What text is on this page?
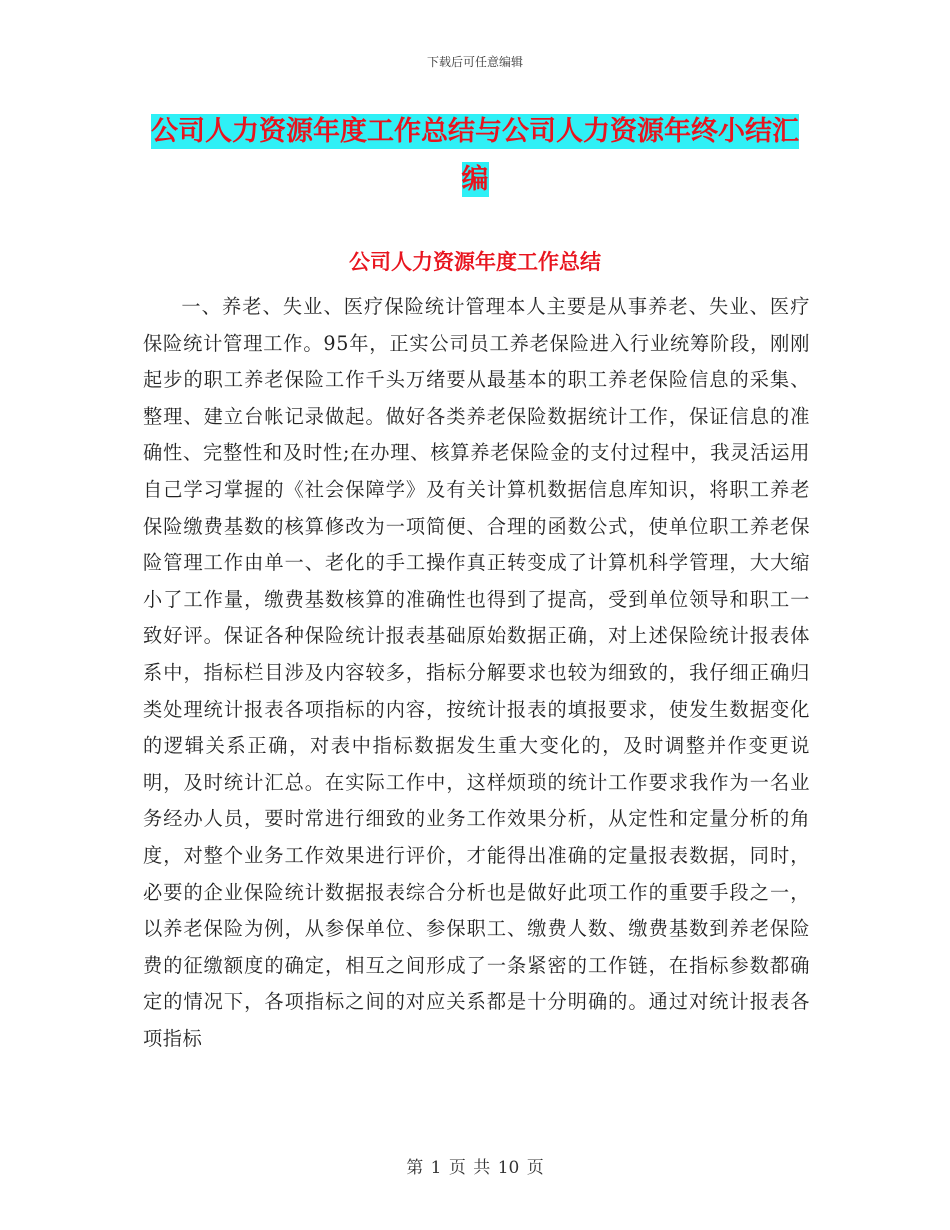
下载后可任意编辑
公司人力资源年度工作总结与公司人力资源年终小结汇编
公司人力资源年度工作总结

一、养老、失业、医疗保险统计管理本人主要是从事养老、失业、医疗保险统计管理工作。95年，正实公司员工养老保险进入行业统筹阶段，刚刚起步的职工养老保险工作千头万绪要从最基本的职工养老保险信息的采集、整理、建立台帐记录做起。做好各类养老保险数据统计工作，保证信息的准确性、完整性和及时性;在办理、核算养老保险金的支付过程中，我灵活运用自己学习掌握的《社会保障学》及有关计算机数据信息库知识，将职工养老保险缴费基数的核算修改为一项简便、合理的函数公式，使单位职工养老保险管理工作由单一、老化的手工操作真正转变成了计算机科学管理，大大缩小了工作量，缴费基数核算的准确性也得到了提高，受到单位领导和职工一致好评。保证各种保险统计报表基础原始数据正确，对上述保险统计报表体系中，指标栏目涉及内容较多，指标分解要求也较为细致的，我仔细正确归类处理统计报表各项指标的内容，按统计报表的填报要求，使发生数据变化的逻辑关系正确，对表中指标数据发生重大变化的，及时调整并作变更说明，及时统计汇总。在实际工作中，这样烦琐的统计工作要求我作为一名业务经办人员，要时常进行细致的业务工作效果分析，从定性和定量分析的角度，对整个业务工作效果进行评价，才能得出准确的定量报表数据，同时，必要的企业保险统计数据报表综合分析也是做好此项工作的重要手段之一，以养老保险为例，从参保单位、参保职工、缴费人数、缴费基数到养老保险费的征缴额度的确定，相互之间形成了一条紧密的工作链，在指标参数都确定的情况下，各项指标之间的对应关系都是十分明确的。通过对统计报表各项指标

第 1 页 共 10 页
